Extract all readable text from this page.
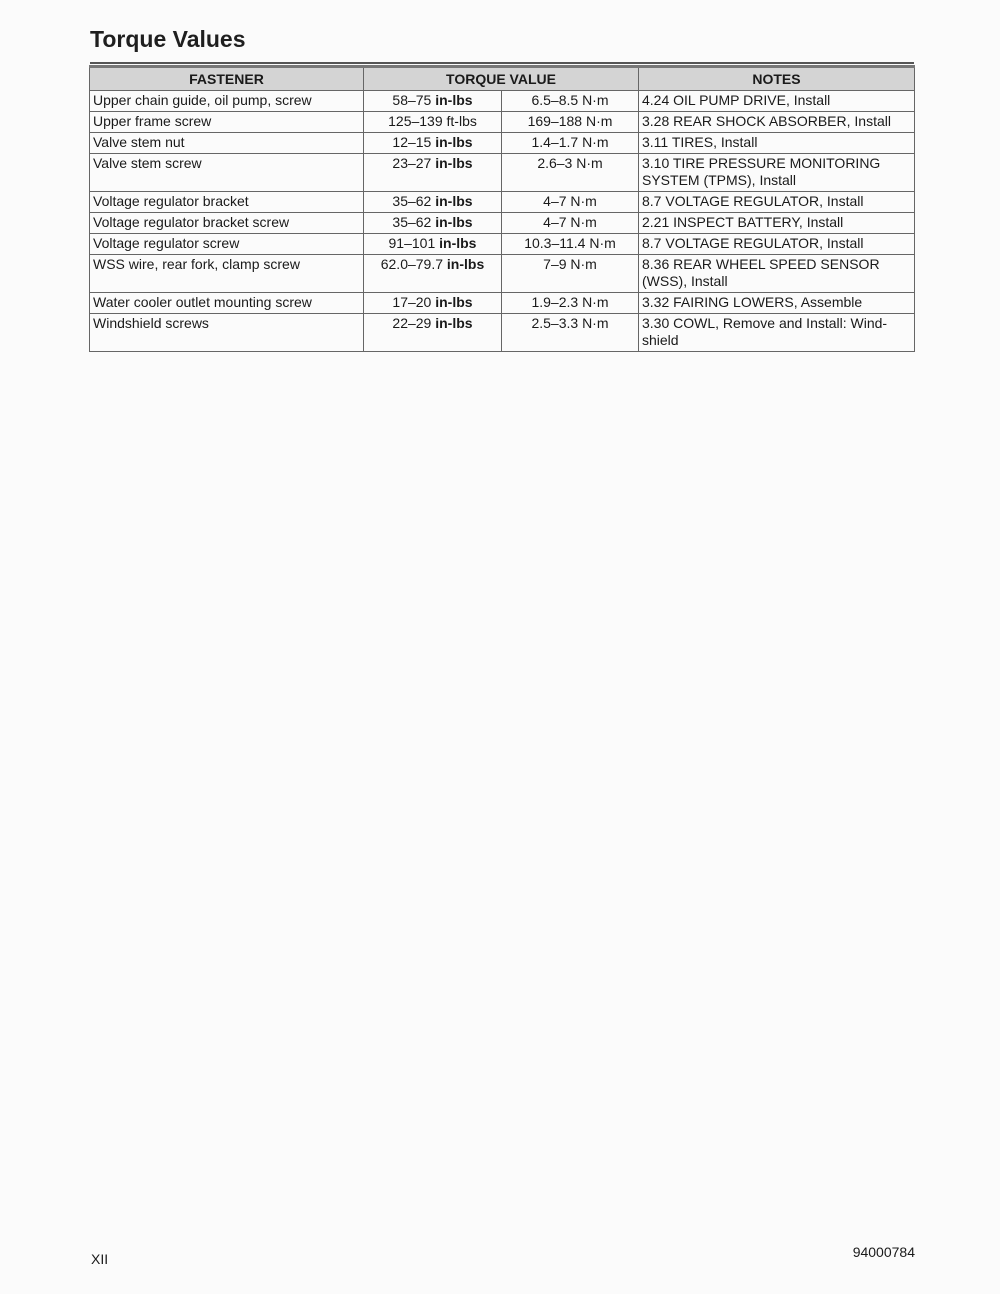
Torque Values
FASTENER	TORQUE VALUE		NOTES
Upper chain guide, oil pump, screw	58–75 in-lbs	6.5–8.5 N·m	4.24 OIL PUMP DRIVE, Install
Upper frame screw	125–139 ft-lbs	169–188 N·m	3.28 REAR SHOCK ABSORBER, Install
Valve stem nut	12–15 in-lbs	1.4–1.7 N·m	3.11 TIRES, Install
Valve stem screw	23–27 in-lbs	2.6–3 N·m	3.10 TIRE PRESSURE MONITORING SYSTEM (TPMS), Install
Voltage regulator bracket	35–62 in-lbs	4–7 N·m	8.7 VOLTAGE REGULATOR, Install
Voltage regulator bracket screw	35–62 in-lbs	4–7 N·m	2.21 INSPECT BATTERY, Install
Voltage regulator screw	91–101 in-lbs	10.3–11.4 N·m	8.7 VOLTAGE REGULATOR, Install
WSS wire, rear fork, clamp screw	62.0–79.7 in-lbs	7–9 N·m	8.36 REAR WHEEL SPEED SENSOR (WSS), Install
Water cooler outlet mounting screw	17–20 in-lbs	1.9–2.3 N·m	3.32 FAIRING LOWERS, Assemble
Windshield screws	22–29 in-lbs	2.5–3.3 N·m	3.30 COWL, Remove and Install: Wind-shield
XII	94000784
